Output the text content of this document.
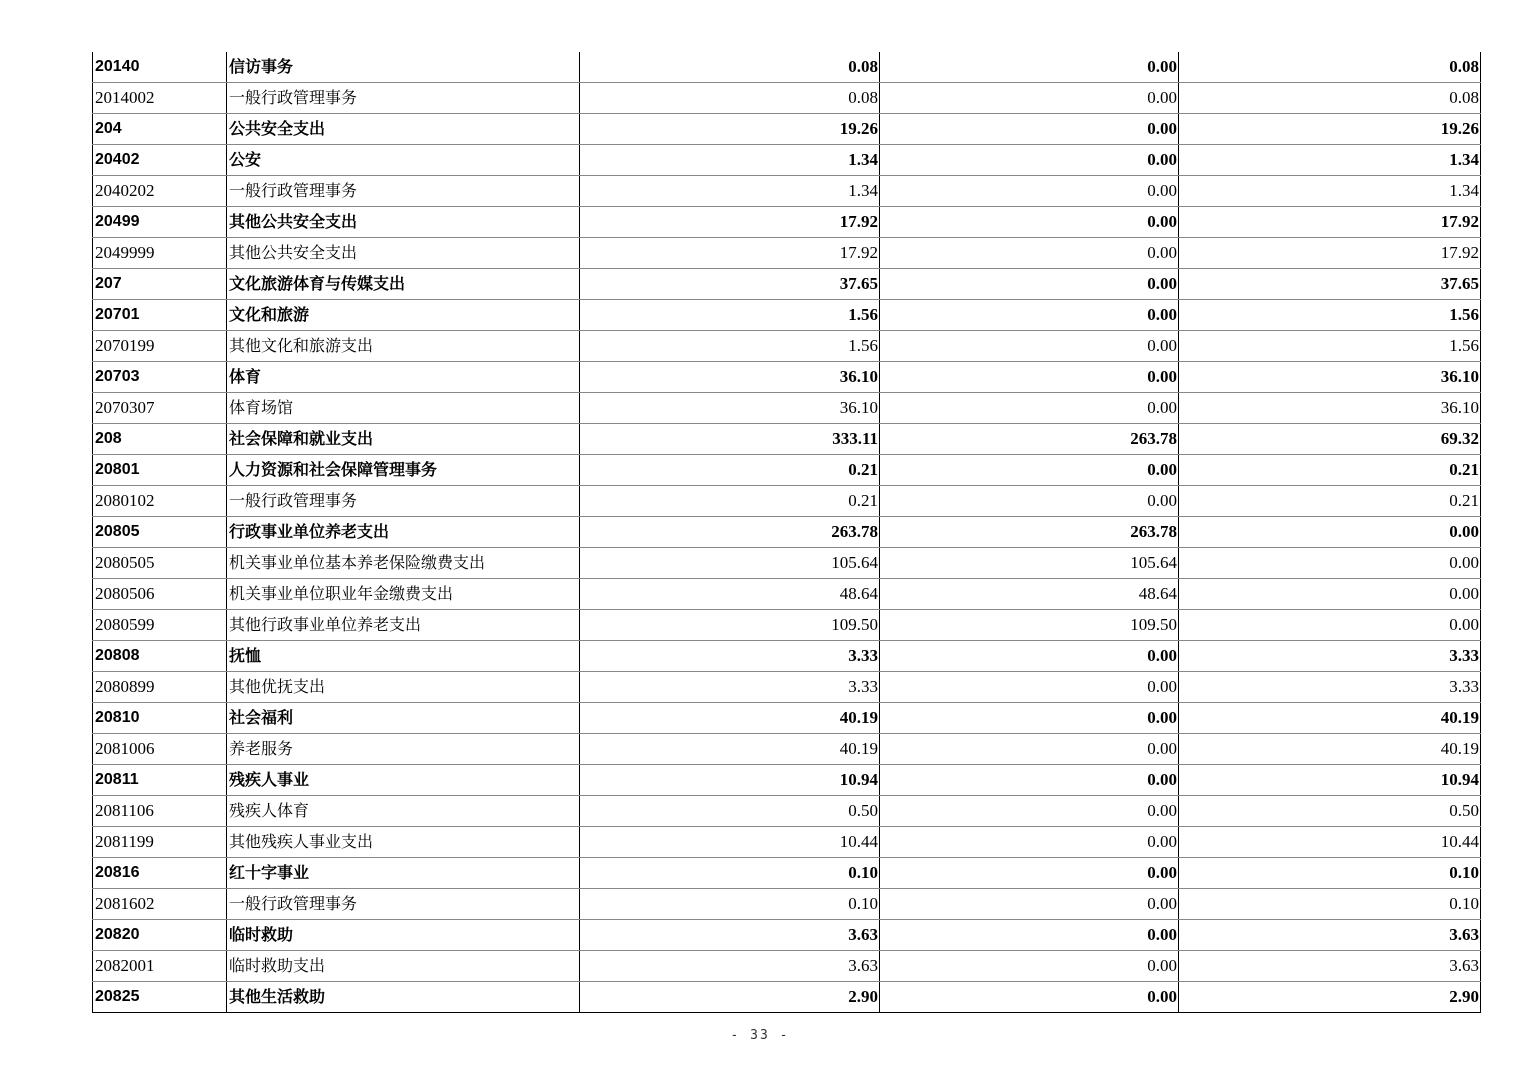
20140	信访事务	0.08	0.00	0.08
2014002	一般行政管理事务	0.08	0.00	0.08
204	公共安全支出	19.26	0.00	19.26
20402	公安	1.34	0.00	1.34
2040202	一般行政管理事务	1.34	0.00	1.34
20499	其他公共安全支出	17.92	0.00	17.92
2049999	其他公共安全支出	17.92	0.00	17.92
207	文化旅游体育与传媒支出	37.65	0.00	37.65
20701	文化和旅游	1.56	0.00	1.56
2070199	其他文化和旅游支出	1.56	0.00	1.56
20703	体育	36.10	0.00	36.10
2070307	体育场馆	36.10	0.00	36.10
208	社会保障和就业支出	333.11	263.78	69.32
20801	人力资源和社会保障管理事务	0.21	0.00	0.21
2080102	一般行政管理事务	0.21	0.00	0.21
20805	行政事业单位养老支出	263.78	263.78	0.00
2080505	机关事业单位基本养老保险缴费支出	105.64	105.64	0.00
2080506	机关事业单位职业年金缴费支出	48.64	48.64	0.00
2080599	其他行政事业单位养老支出	109.50	109.50	0.00
20808	抚恤	3.33	0.00	3.33
2080899	其他优抚支出	3.33	0.00	3.33
20810	社会福利	40.19	0.00	40.19
2081006	养老服务	40.19	0.00	40.19
20811	残疾人事业	10.94	0.00	10.94
2081106	残疾人体育	0.50	0.00	0.50
2081199	其他残疾人事业支出	10.44	0.00	10.44
20816	红十字事业	0.10	0.00	0.10
2081602	一般行政管理事务	0.10	0.00	0.10
20820	临时救助	3.63	0.00	3.63
2082001	临时救助支出	3.63	0.00	3.63
20825	其他生活救助	2.90	0.00	2.90
- 33 -
